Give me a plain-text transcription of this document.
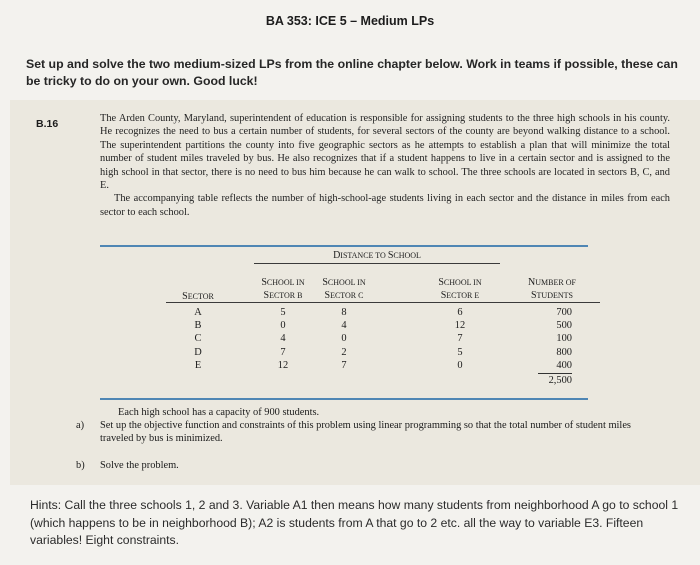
BA 353: ICE 5 – Medium LPs
Set up and solve the two medium-sized LPs from the online chapter below. Work in teams if possible, these can be tricky to do on your own. Good luck!
B.16	The Arden County, Maryland, superintendent of education is responsible for assigning students to the three high schools in his county. He recognizes the need to bus a certain number of students, for several sectors of the county are beyond walking distance to a school. The superintendent partitions the county into five geographic sectors as he attempts to establish a plan that will minimize the total number of student miles traveled by bus. He also recognizes that if a student happens to live in a certain sector and is assigned to the high school in that sector, there is no need to bus him because he can walk to school. The three schools are located in sectors B, C, and E.

The accompanying table reflects the number of high-school-age students living in each sector and the distance in miles from each sector to each school.

DISTANCE TO SCHOOL
SECTOR
SCHOOL IN
SECTOR B
SCHOOL IN
SECTOR C
SCHOOL IN
SECTOR E
NUMBER OF
STUDENTS
A
B
C
D
E
5
0
4
7
12
8
4
0
2
7
6
12
7
5
0
700
500
100
800
400
2,500
Each high school has a capacity of 900 students.
a) Set up the objective function and constraints of this problem using linear programming so that the total number of student miles traveled by bus is minimized.
b) Solve the problem.
Hints: Call the three schools 1, 2 and 3. Variable A1 then means how many students from neighborhood A go to school 1 (which happens to be in neighborhood B); A2 is students from A that go to 2 etc. all the way to variable E3. Fifteen variables! Eight constraints.
